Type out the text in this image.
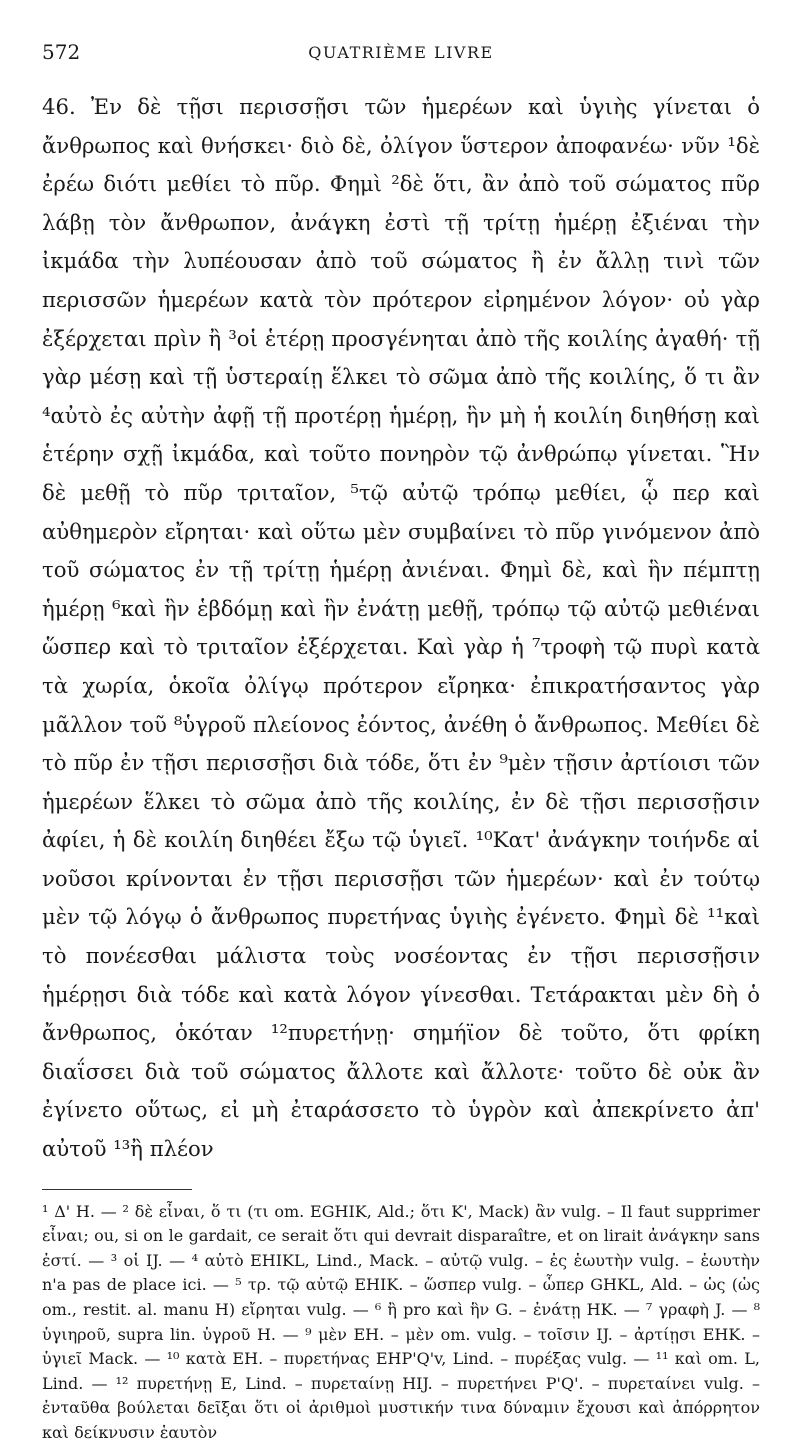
572	QUATRIÈME LIVRE

46. Ἐν δὲ τῇσι περισσῇσι τῶν ἡμερέων καὶ ὑγιὴς γίνεται ὁ ἄνθρωπος καὶ θνήσκει· διὸ δὲ, ὀλίγον ὕστερον ἀποφανέω· νῦν ¹δὲ ἐρέω διότι μεθίει τὸ πῦρ. Φημὶ ²δὲ ὅτι, ἂν ἀπὸ τοῦ σώματος πῦρ λάβῃ τὸν ἄνθρωπον, ἀνάγκη ἐστὶ τῇ τρίτῃ ἡμέρῃ ἐξιέναι τὴν ἰκμάδα τὴν λυπέουσαν ἀπὸ τοῦ σώματος ἢ ἐν ἄλλῃ τινὶ τῶν περισσῶν ἡμερέων κατὰ τὸν πρότερον εἰρημένον λόγον· οὐ γὰρ ἐξέρχεται πρὶν ἢ ³οἱ ἑτέρῃ προσγένηται ἀπὸ τῆς κοιλίης ἀγαθή· τῇ γὰρ μέσῃ καὶ τῇ ὑστεραίῃ ἕλκει τὸ σῶμα ἀπὸ τῆς κοιλίης, ὅ τι ἂν ⁴αὐτὸ ἐς αὐτὴν ἀφῇ τῇ προτέρῃ ἡμέρῃ, ἣν μὴ ἡ κοιλίη διηθήσῃ καὶ ἑτέρην σχῇ ἰκμάδα, καὶ τοῦτο πονηρὸν τῷ ἀνθρώπῳ γίνεται. Ἣν δὲ μεθῇ τὸ πῦρ τριταῖον, ⁵τῷ αὐτῷ τρόπῳ μεθίει, ᾧ περ καὶ αὐθημερὸν εἴρηται· καὶ οὕτω μὲν συμβαίνει τὸ πῦρ γινόμενον ἀπὸ τοῦ σώματος ἐν τῇ τρίτῃ ἡμέρῃ ἀνιέναι. Φημὶ δὲ, καὶ ἣν πέμπτῃ ἡμέρῃ ⁶καὶ ἣν ἑβδόμῃ καὶ ἣν ἐνάτῃ μεθῇ, τρόπῳ τῷ αὐτῷ μεθιέναι ὥσπερ καὶ τὸ τριταῖον ἐξέρχεται. Καὶ γὰρ ἡ ⁷τροφὴ τῷ πυρὶ κατὰ τὰ χωρία, ὁκοῖα ὀλίγῳ πρότερον εἴρηκα· ἐπικρατήσαντος γὰρ μᾶλλον τοῦ ⁸ὑγροῦ πλείονος ἐόντος, ἀνέθη ὁ ἄνθρωπος. Μεθίει δὲ τὸ πῦρ ἐν τῇσι περισσῇσι διὰ τόδε, ὅτι ἐν ⁹μὲν τῇσιν ἀρτίοισι τῶν ἡμερέων ἕλκει τὸ σῶμα ἀπὸ τῆς κοιλίης, ἐν δὲ τῇσι περισσῇσιν ἀφίει, ἡ δὲ κοιλίη διηθέει ἔξω τῷ ὑγιεῖ. ¹⁰Κατ' ἀνάγκην τοιήνδε αἱ νοῦσοι κρίνονται ἐν τῇσι περισσῇσι τῶν ἡμερέων· καὶ ἐν τούτῳ μὲν τῷ λόγῳ ὁ ἄνθρωπος πυρετήνας ὑγιὴς ἐγένετο. Φημὶ δὲ ¹¹καὶ τὸ πονέεσθαι μάλιστα τοὺς νοσέοντας ἐν τῇσι περισσῇσιν ἡμέρῃσι διὰ τόδε καὶ κατὰ λόγον γίνεσθαι. Τετάρακται μὲν δὴ ὁ ἄνθρωπος, ὁκόταν ¹²πυρετήνῃ· σημήϊον δὲ τοῦτο, ὅτι φρίκη διαΐσσει διὰ τοῦ σώματος ἄλλοτε καὶ ἄλλοτε· τοῦτο δὲ οὐκ ἂν ἐγίνετο οὕτως, εἰ μὴ ἐταράσσετο τὸ ὑγρὸν καὶ ἀπεκρίνετο ἀπ' αὐτοῦ ¹³ἢ πλέον

¹ Δ' H. — ² δὲ εἶναι, ὅ τι (τι om. EGHIK, Ald.; ὅτι K', Mack) ἂν vulg. – Il faut supprimer εἶναι; ou, si on le gardait, ce serait ὅτι qui devrait disparaître, et on lirait ἀνάγκην sans ἐστί. — ³ οἱ IJ. — ⁴ αὐτὸ EHIKL, Lind., Mack. – αὐτῷ vulg. – ἐς ἑωυτὴν vulg. – ἑωυτὴν n'a pas de place ici. — ⁵ τρ. τῷ αὐτῷ EHIK. – ὥσπερ vulg. – ὧπερ GHKL, Ald. – ὡς (ὡς om., restit. al. manu H) εἴρηται vulg. — ⁶ ἢ pro καὶ ἣν G. – ἐνάτῃ HK. — ⁷ γραφὴ J. — ⁸ ὑγιηροῦ, supra lin. ὑγροῦ H. — ⁹ μὲν EH. – μὲν om. vulg. – τοῖσιν IJ. – ἀρτίῃσι EHK. – ὑγιεῖ Mack. — ¹⁰ κατὰ EH. – πυρετήνας EHP'Q'v, Lind. – πυρέξας vulg. — ¹¹ καὶ om. L, Lind. — ¹² πυρετήνῃ E, Lind. – πυρεταίνῃ HIJ. – πυρετήνει P'Q'. – πυρεταίνει vulg. – ἐνταῦθα βούλεται δεῖξαι ὅτι οἱ ἀριθμοὶ μυστικήν τινα δύναμιν ἔχουσι καὶ ἀπόρρητον καὶ δείκνυσιν ἑαυτὸν
